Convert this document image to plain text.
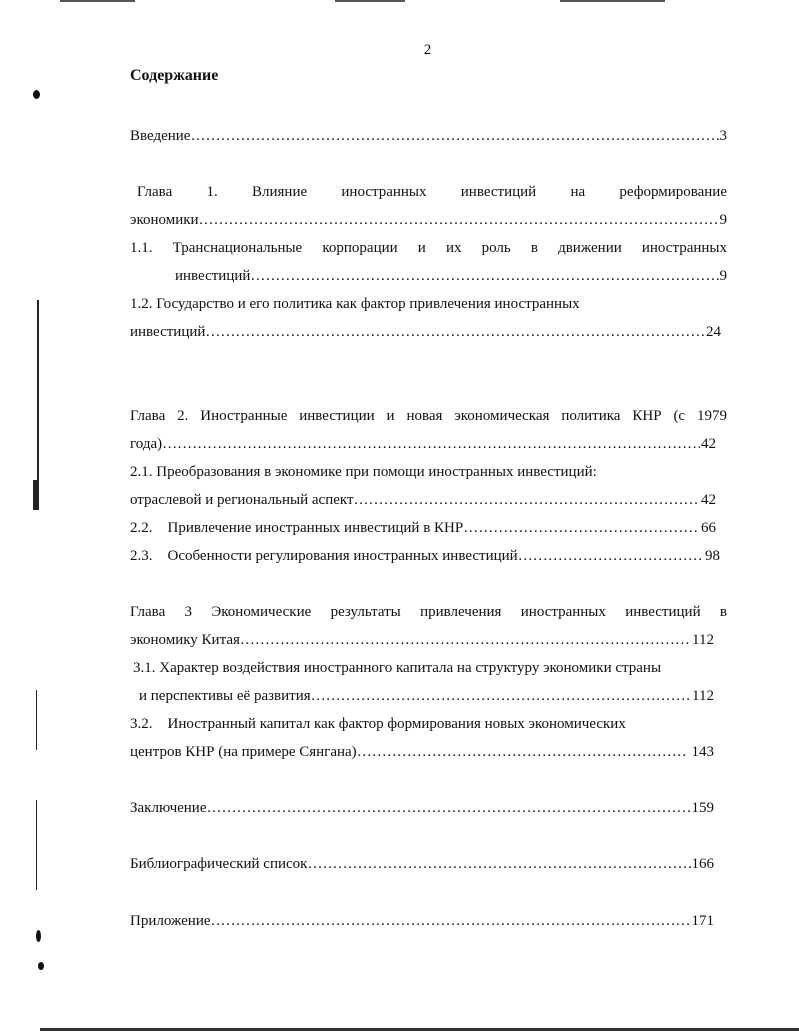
2
Содержание
Введение ……………………………………………………………………………………………………………………………………………………………………………………………………	3
Глава 1. Влияние иностранных инвестиций на реформирование
экономики ……………………………………………………………………………………………………………………………………………………………………………………………………	9
1.1. Транснациональные корпорации и их роль в движении иностранных
инвестиций ……………………………………………………………………………………………………………………………………………………………………………………………………	9
1.2. Государство и его политика как фактор привлечения иностранных
инвестиций ……………………………………………………………………………………………………………………………………………………………………………………………………	24
Глава 2. Иностранные инвестиции и новая экономическая политика КНР (с 1979
года) ……………………………………………………………………………………………………………………………………………………………………………………………………	42
2.1. Преобразования в экономике при помощи иностранных инвестиций:
отраслевой и региональный аспект ……………………………………………………………………………………………………………………………………………………………………………………………………	42
2.2.    Привлечение иностранных инвестиций в КНР ……………………………………………………………………………………………………………………………………………………………………………………………………	66
2.3.    Особенности регулирования иностранных инвестиций ……………………………………………………………………………………………………………………………………………………………………………………………………	98
Глава 3 Экономические результаты привлечения иностранных инвестиций в
экономику Китая ……………………………………………………………………………………………………………………………………………………………………………………………………	112
3.1. Характер воздействия иностранного капитала на структуру экономики страны
и перспективы её развития ……………………………………………………………………………………………………………………………………………………………………………………………………	112
3.2.    Иностранный капитал как фактор формирования новых экономических
центров КНР (на примере Сянгана) ……………………………………………………………………………………………………………………………………………………………………………………………………	143
Заключение ……………………………………………………………………………………………………………………………………………………………………………………………………	159
Библиографический список ……………………………………………………………………………………………………………………………………………………………………………………………………	166
Приложение ……………………………………………………………………………………………………………………………………………………………………………………………………	171
